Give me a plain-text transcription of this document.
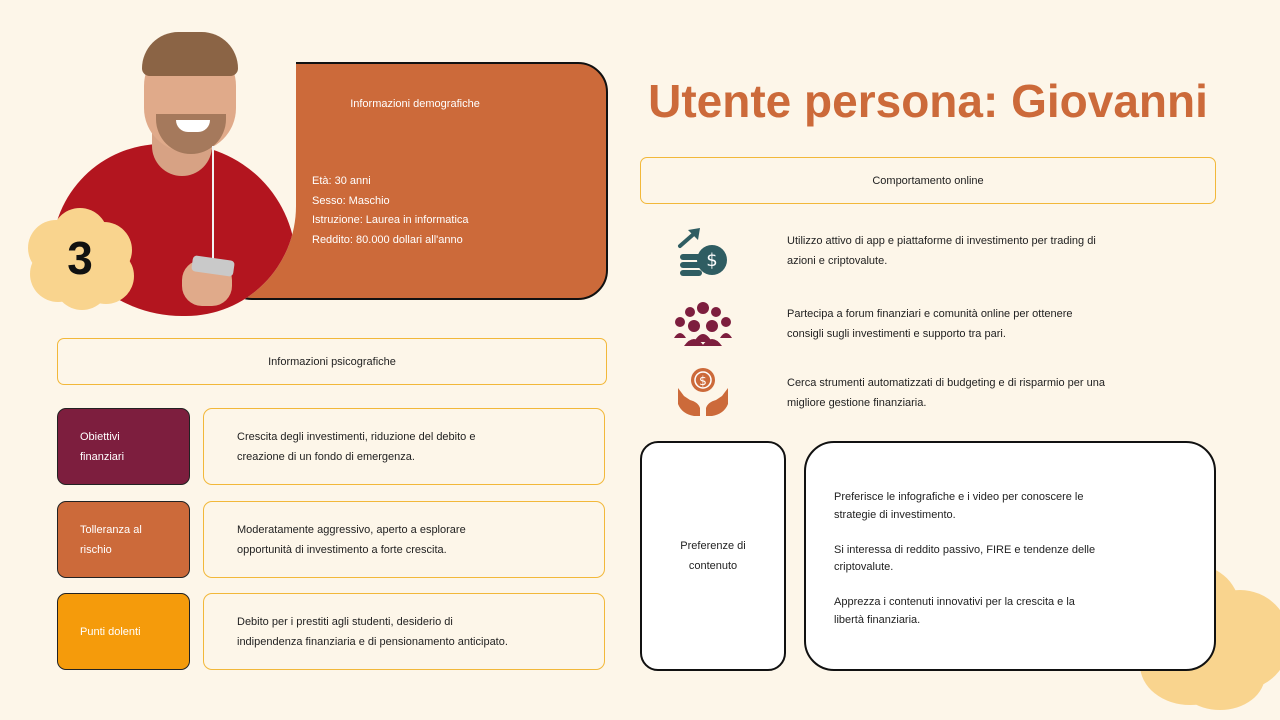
Informazioni demografiche
Età: 30 anni
Sesso: Maschio
Istruzione: Laurea in informatica
Reddito: 80.000 dollari all'anno
3
Utente persona: Giovanni
Informazioni psicografiche
Obiettivi
finanziari
Crescita degli investimenti, riduzione del debito e
creazione di un fondo di emergenza.
Tolleranza al
rischio
Moderatamente aggressivo, aperto a esplorare
opportunità di investimento a forte crescita.
Punti dolenti
Debito per i prestiti agli studenti, desiderio di
indipendenza finanziaria e di pensionamento anticipato.
Comportamento online
$
Utilizzo attivo di app e piattaforme di investimento per trading di
azioni e criptovalute.
Partecipa a forum finanziari e comunità online per ottenere
consigli sugli investimenti e supporto tra pari.
$	Cerca strumenti automatizzati di budgeting e di risparmio per una
migliore gestione finanziaria.
Preferenze di
contenuto

Preferisce le infografiche e i video per conoscere le
strategie di investimento.

Si interessa di reddito passivo, FIRE e tendenze delle
criptovalute.

Apprezza i contenuti innovativi per la crescita e la
libertà finanziaria.
